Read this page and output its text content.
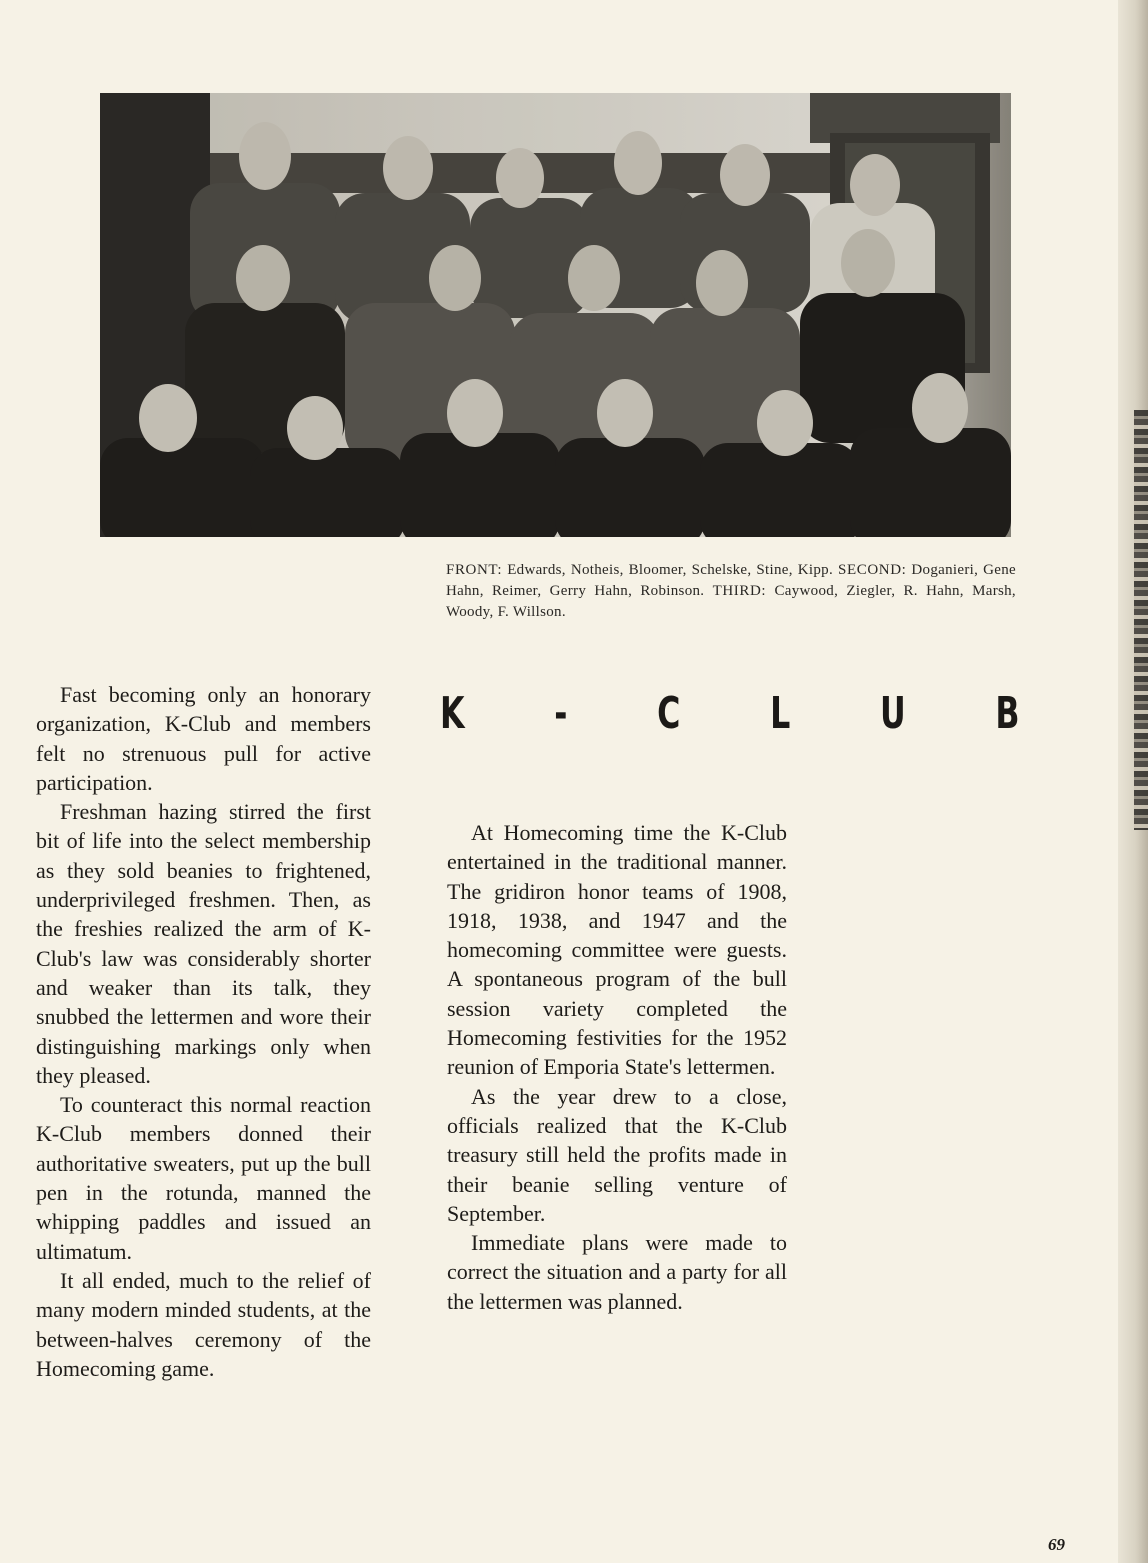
FRONT: Edwards, Notheis, Bloomer, Schelske, Stine, Kipp. SECOND: Doganieri, Gene Hahn, Reimer, Gerry Hahn, Robinson. THIRD: Caywood, Ziegler, R. Hahn, Marsh, Woody, F. Willson.
K - C L U B

Fast becoming only an honorary organization, K-Club and members felt no strenuous pull for active participation.

Freshman hazing stirred the first bit of life into the select membership as they sold beanies to frightened, underprivileged freshmen. Then, as the freshies realized the arm of K-Club's law was considerably shorter and weaker than its talk, they snubbed the lettermen and wore their distinguishing markings only when they pleased.

To counteract this normal reaction K-Club members donned their authoritative sweaters, put up the bull pen in the rotunda, manned the whipping paddles and issued an ultimatum.

It all ended, much to the relief of many modern minded students, at the between-halves ceremony of the Homecoming game.

At Homecoming time the K-Club entertained in the traditional manner. The gridiron honor teams of 1908, 1918, 1938, and 1947 and the homecoming committee were guests. A spontaneous program of the bull session variety completed the Homecoming festivities for the 1952 reunion of Emporia State's lettermen.

As the year drew to a close, officials realized that the K-Club treasury still held the profits made in their beanie selling venture of September.

Immediate plans were made to correct the situation and a party for all the lettermen was planned.

69
